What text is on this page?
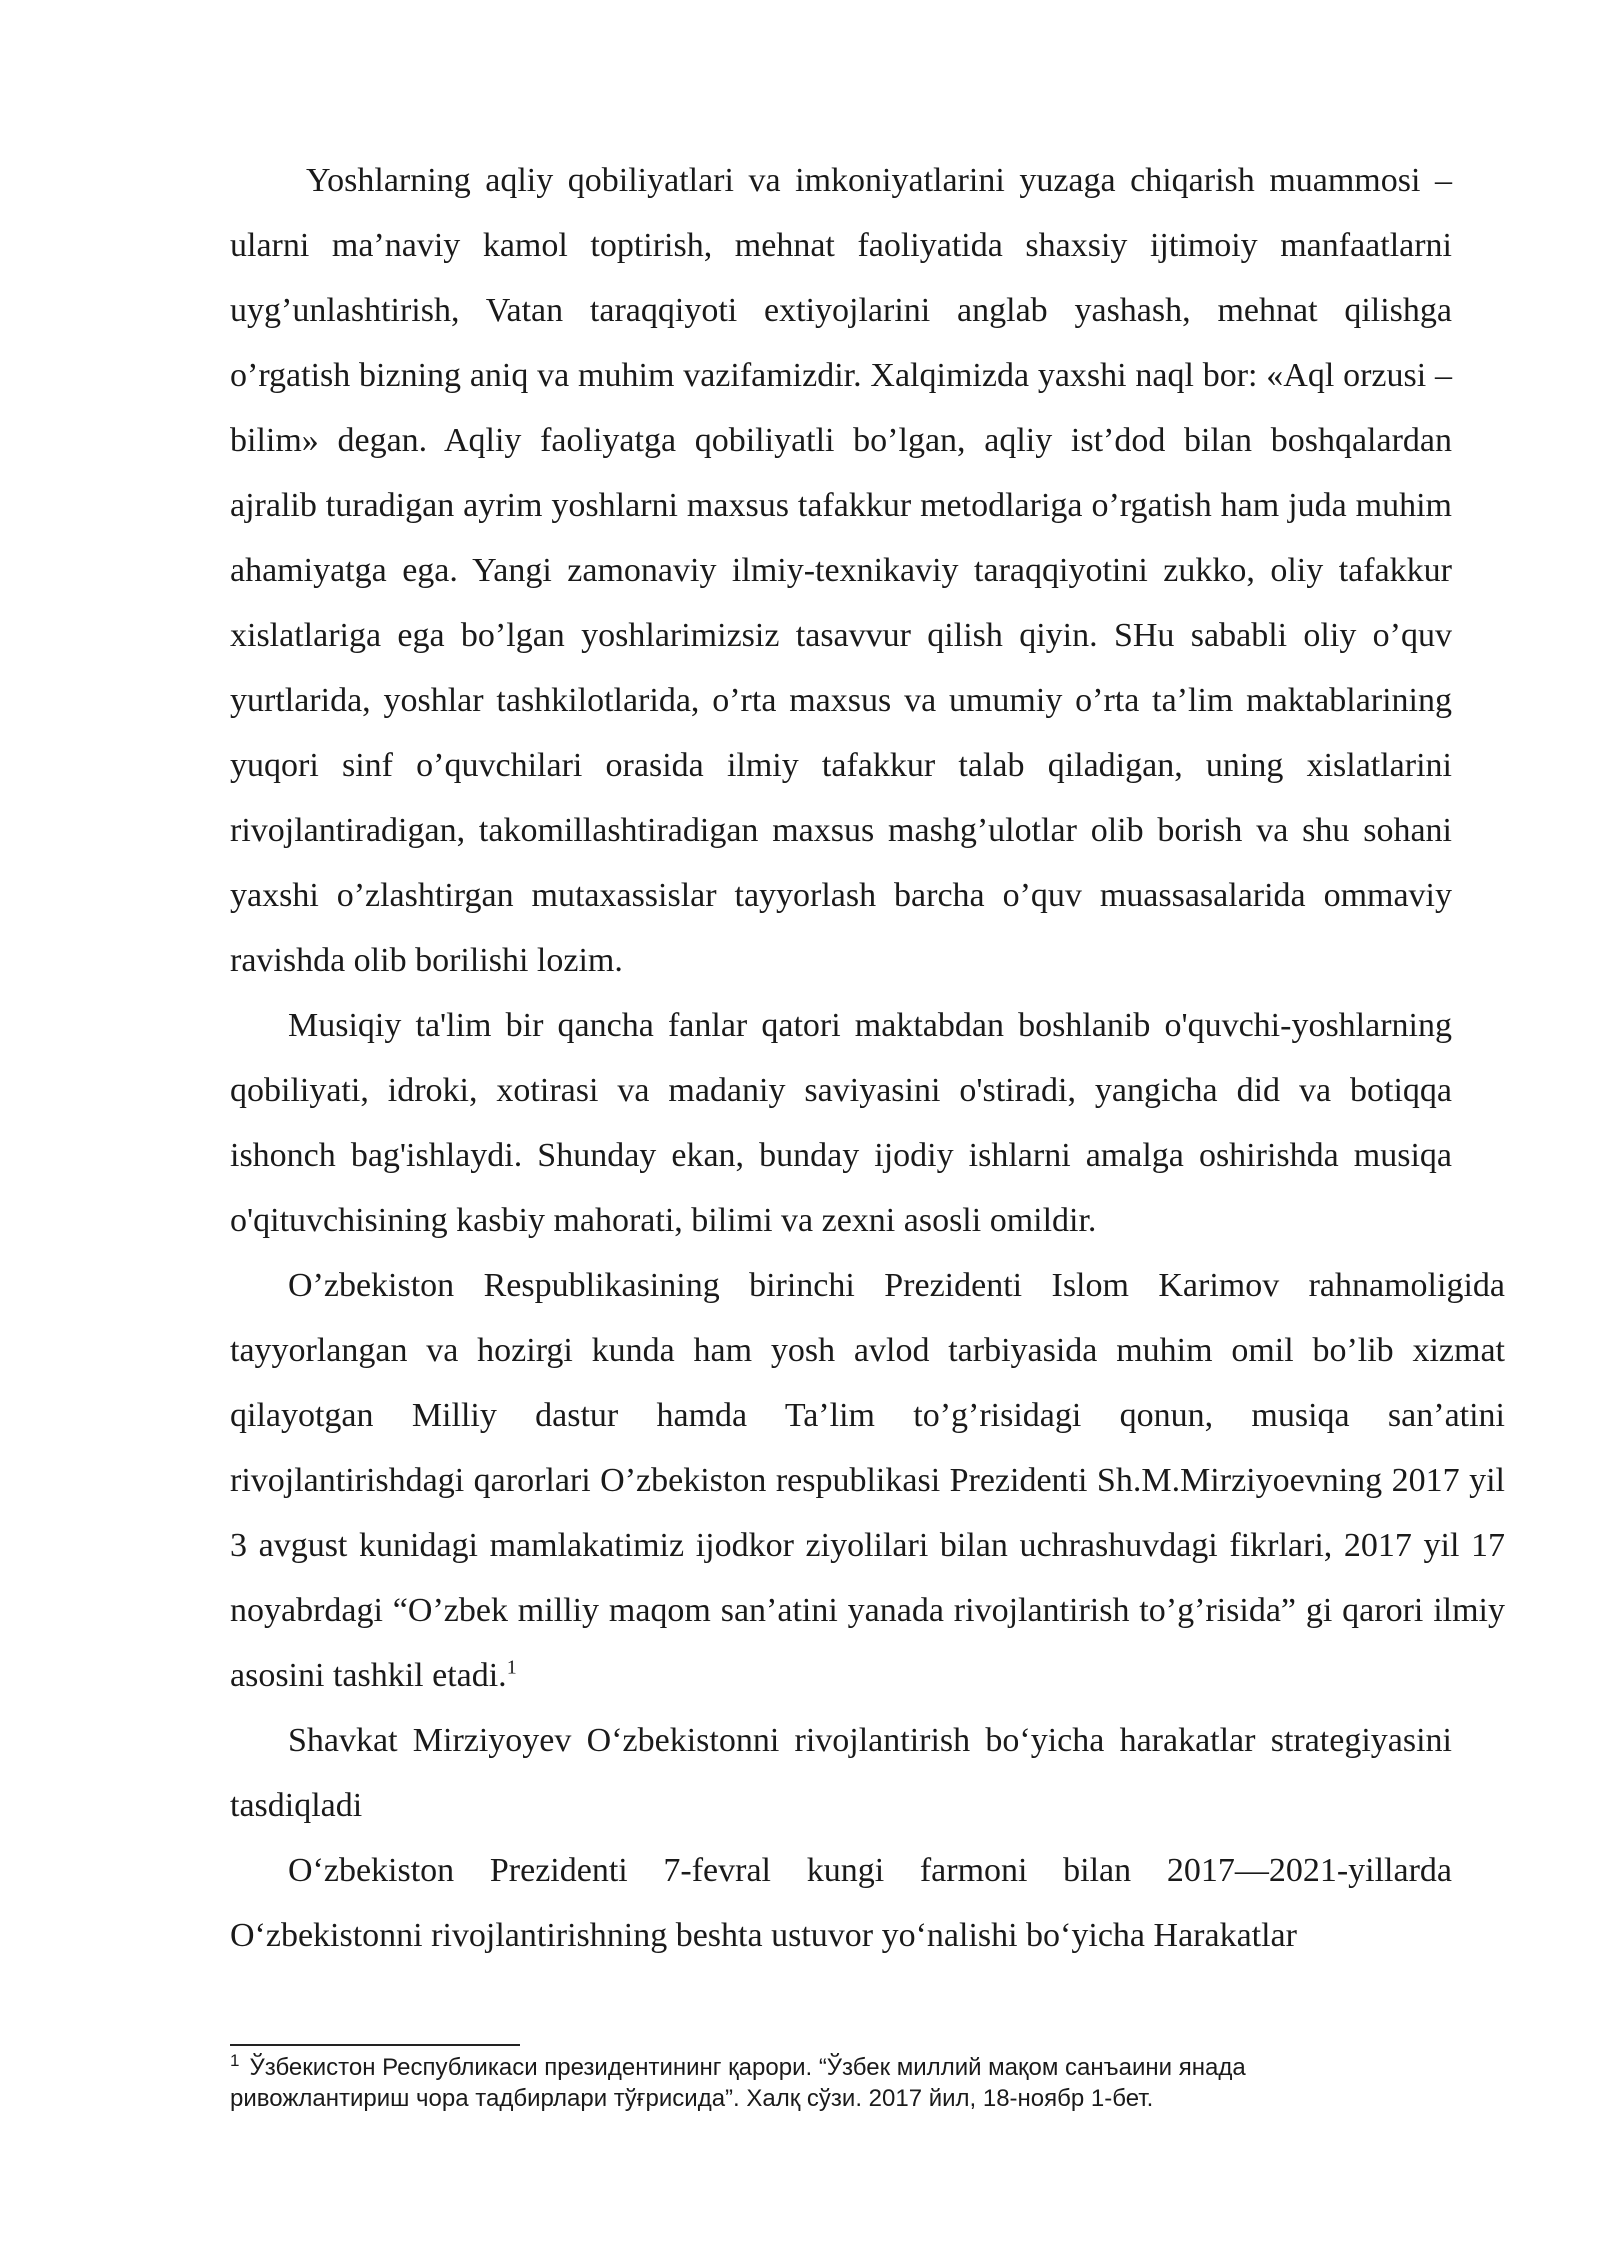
Yoshlarning aqliy qobiliyatlari va imkoniyatlarini yuzaga chiqarish muammosi – ularni ma’naviy kamol toptirish, mehnat faoliyatida shaxsiy ijtimoiy manfaatlarni uyg’unlashtirish, Vatan taraqqiyoti extiyojlarini anglab yashash, mehnat qilishga o’rgatish bizning aniq va muhim vazifamizdir. Xalqimizda yaxshi naql bor: «Aql orzusi – bilim» degan. Aqliy faoliyatga qobiliyatli bo’lgan, aqliy ist’dod bilan boshqalardan ajralib turadigan ayrim yoshlarni maxsus tafakkur metodlariga o’rgatish ham juda muhim ahamiyatga ega. Yangi zamonaviy ilmiy-texnikaviy taraqqiyotini zukko, oliy tafakkur xislatlariga ega bo’lgan yoshlarimizsiz tasavvur qilish qiyin. SHu sababli oliy o’quv yurtlarida, yoshlar tashkilotlarida, o’rta maxsus va umumiy o’rta ta’lim maktablarining yuqori sinf o’quvchilari orasida ilmiy tafakkur talab qiladigan, uning xislatlarini rivojlantiradigan, takomillashtiradigan maxsus mashg’ulotlar olib borish va shu sohani yaxshi o’zlashtirgan mutaxassislar tayyorlash barcha o’quv muassasalarida ommaviy ravishda olib borilishi lozim.

Musiqiy ta'lim bir qancha fanlar qatori maktabdan boshlanib o'quvchi-yoshlarning qobiliyati, idroki, xotirasi va madaniy saviyasini o'stiradi, yangicha did va botiqqa ishonch bag'ishlaydi. Shunday ekan, bunday ijodiy ishlarni amalga oshirishda musiqa o'qituvchisining kasbiy mahorati, bilimi va zexni asosli omildir.

O’zbekiston Respublikasining birinchi Prezidenti Islom Karimov rahnamoligida tayyorlangan va hozirgi kunda ham yosh avlod tarbiyasida muhim omil bo’lib xizmat qilayotgan Milliy dastur hamda Ta’lim to’g’risidagi qonun, musiqa san’atini rivojlantirishdagi qarorlari O’zbekiston respublikasi Prezidenti Sh.M.Mirziyoevning 2017 yil 3 avgust kunidagi mamlakatimiz ijodkor ziyolilari bilan uchrashuvdagi fikrlari, 2017 yil 17 noyabrdagi “O’zbek milliy maqom san’atini yanada rivojlantirish to’g’risida” gi qarori ilmiy asosini tashkil etadi.$^1$

Shavkat Mirziyoyev O‘zbekistonni rivojlantirish bo‘yicha harakatlar strategiyasini tasdiqladi

O‘zbekiston Prezidenti 7-fevral kungi farmoni bilan 2017—2021-yillarda O‘zbekistonni rivojlantirishning beshta ustuvor yo‘nalishi bo‘yicha Harakatlar

$^1$ Ўзбекистон Республикаси президентининг қарори. “Ўзбек миллий мақом санъаини янада ривожлантириш чора тадбирлари тўғрисида”. Халқ сўзи. 2017 йил, 18-ноябр 1-бет.
